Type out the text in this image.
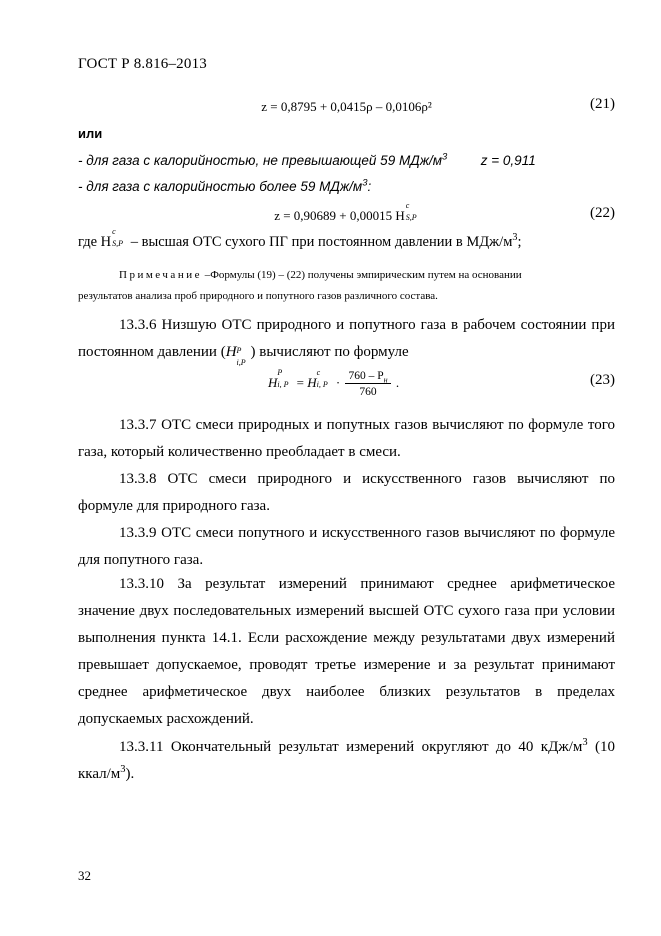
ГОСТ Р 8.816–2013
z = 0,8795 + 0,0415ρ – 0,0106ρ²	(21)
или
- для газа с калорийностью, не превышающей 59 МДж/$м^3$ z = 0,911
- для газа с калорийностью более 59 МДж/$м^3$:
z = 0,90689 + 0,00015 H
c
S,P	(22)
где H
c
S,P – высшая ОТС сухого ПГ при постоянном давлении в МДж/$м^3$;
Примечание –Формулы (19) – (22) получены эмпирическим путем на основании
результатов анализа проб природного и попутного газов различного состава.
13.3.6 Низшую ОТС природного и попутного газа в рабочем состоянии при постоянном давлении (H P
i,P
) вычисляют по формуле
H
P
i, P = H
c
i, $P \cdot \frac{760 - P_н}{760}$ .	(23)
13.3.7 ОТС смеси природных и попутных газов вычисляют по формуле того газа, который количественно преобладает в смеси.
13.3.8 ОТС смеси природного и искусственного газов вычисляют по формуле для природного газа.
13.3.9 ОТС смеси попутного и искусственного газов вычисляют по формуле для попутного газа.
13.3.10 За результат измерений принимают среднее арифметическое значение двух последовательных измерений высшей ОТС сухого газа при условии выполнения пункта 14.1. Если расхождение между результатами двух измерений превышает допускаемое, проводят третье измерение и за результат принимают среднее арифметическое двух наиболее близких результатов в пределах допускаемых расхождений.
13.3.11 Окончательный результат измерений округляют до 40 кДж/$м^3$ (10 ккал/$м^3$).
32
